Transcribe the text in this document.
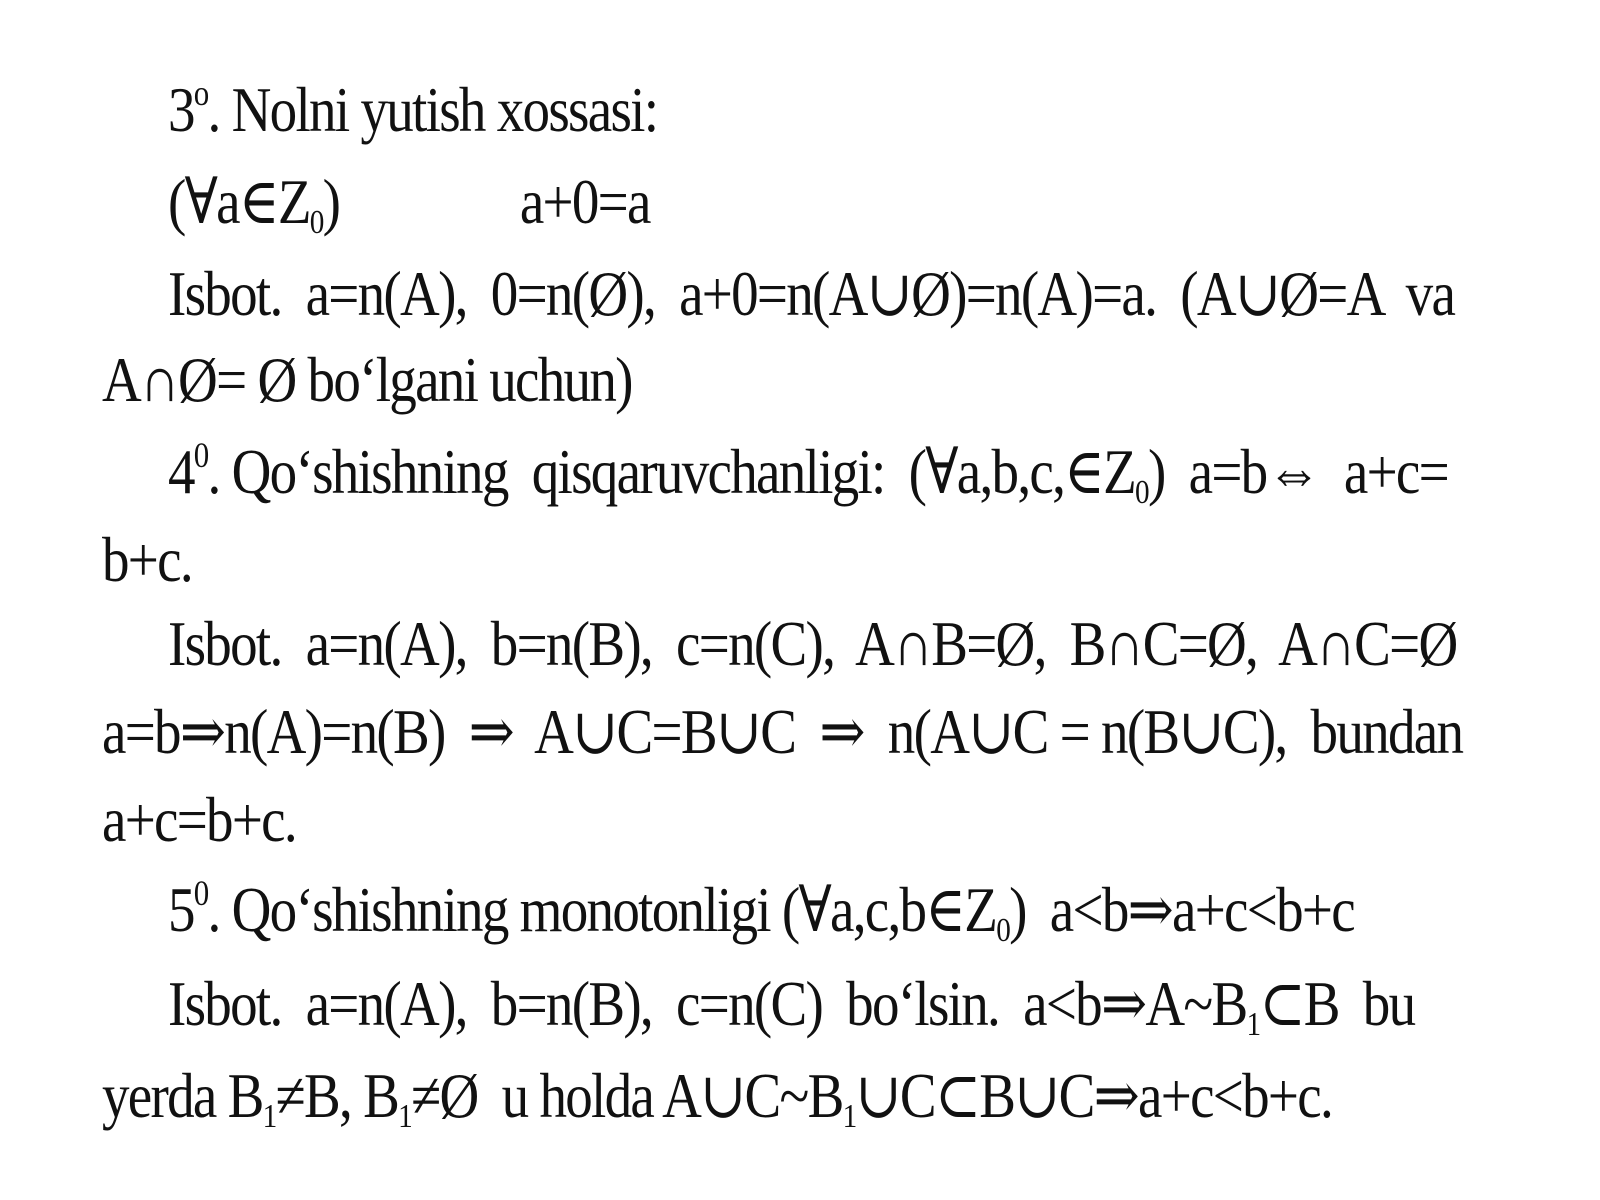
3$^o$. Nolni yutish xossasi:
$(\forall a\in Z_0)$	a+0=a
Isbot.  a=n(A),  0=n(Ø),  a+0=n(A∪Ø)=n(A)=a.  (A∪Ø=A  va
A∩Ø= Ø bo‘lgani uchun)
$4^0$. Qo‘shishning  qisqaruvchanligi:  $(\forall a,b,c,\in Z_0)$  a=b⇔  a+c=
b+c.
Isbot.  a=n(A),  b=n(B),  c=n(C),  A∩B=Ø,  B∩C=Ø,  A∩C=Ø
a=b⇒n(A)=n(B)  ⇒  A∪C=B∪C  ⇒  n(A∪C = n(B∪C),  bundan
a+c=b+c.
$5^0$. Qo‘shishning monotonligi $(\forall a,c,b\in Z_0)$  a<b⇒a+c<b+c
Isbot.  a=n(A),  b=n(B),  c=n(C)  bo‘lsin.  $a<b\Rightarrow A\sim B_1\subset B$  bu
yerda $B_1\ne B$, $B_1\ne Ø$  u holda $A\cup C\sim B_1\cup C\subset B\cup C\Rightarrow a+c<b+c$.
